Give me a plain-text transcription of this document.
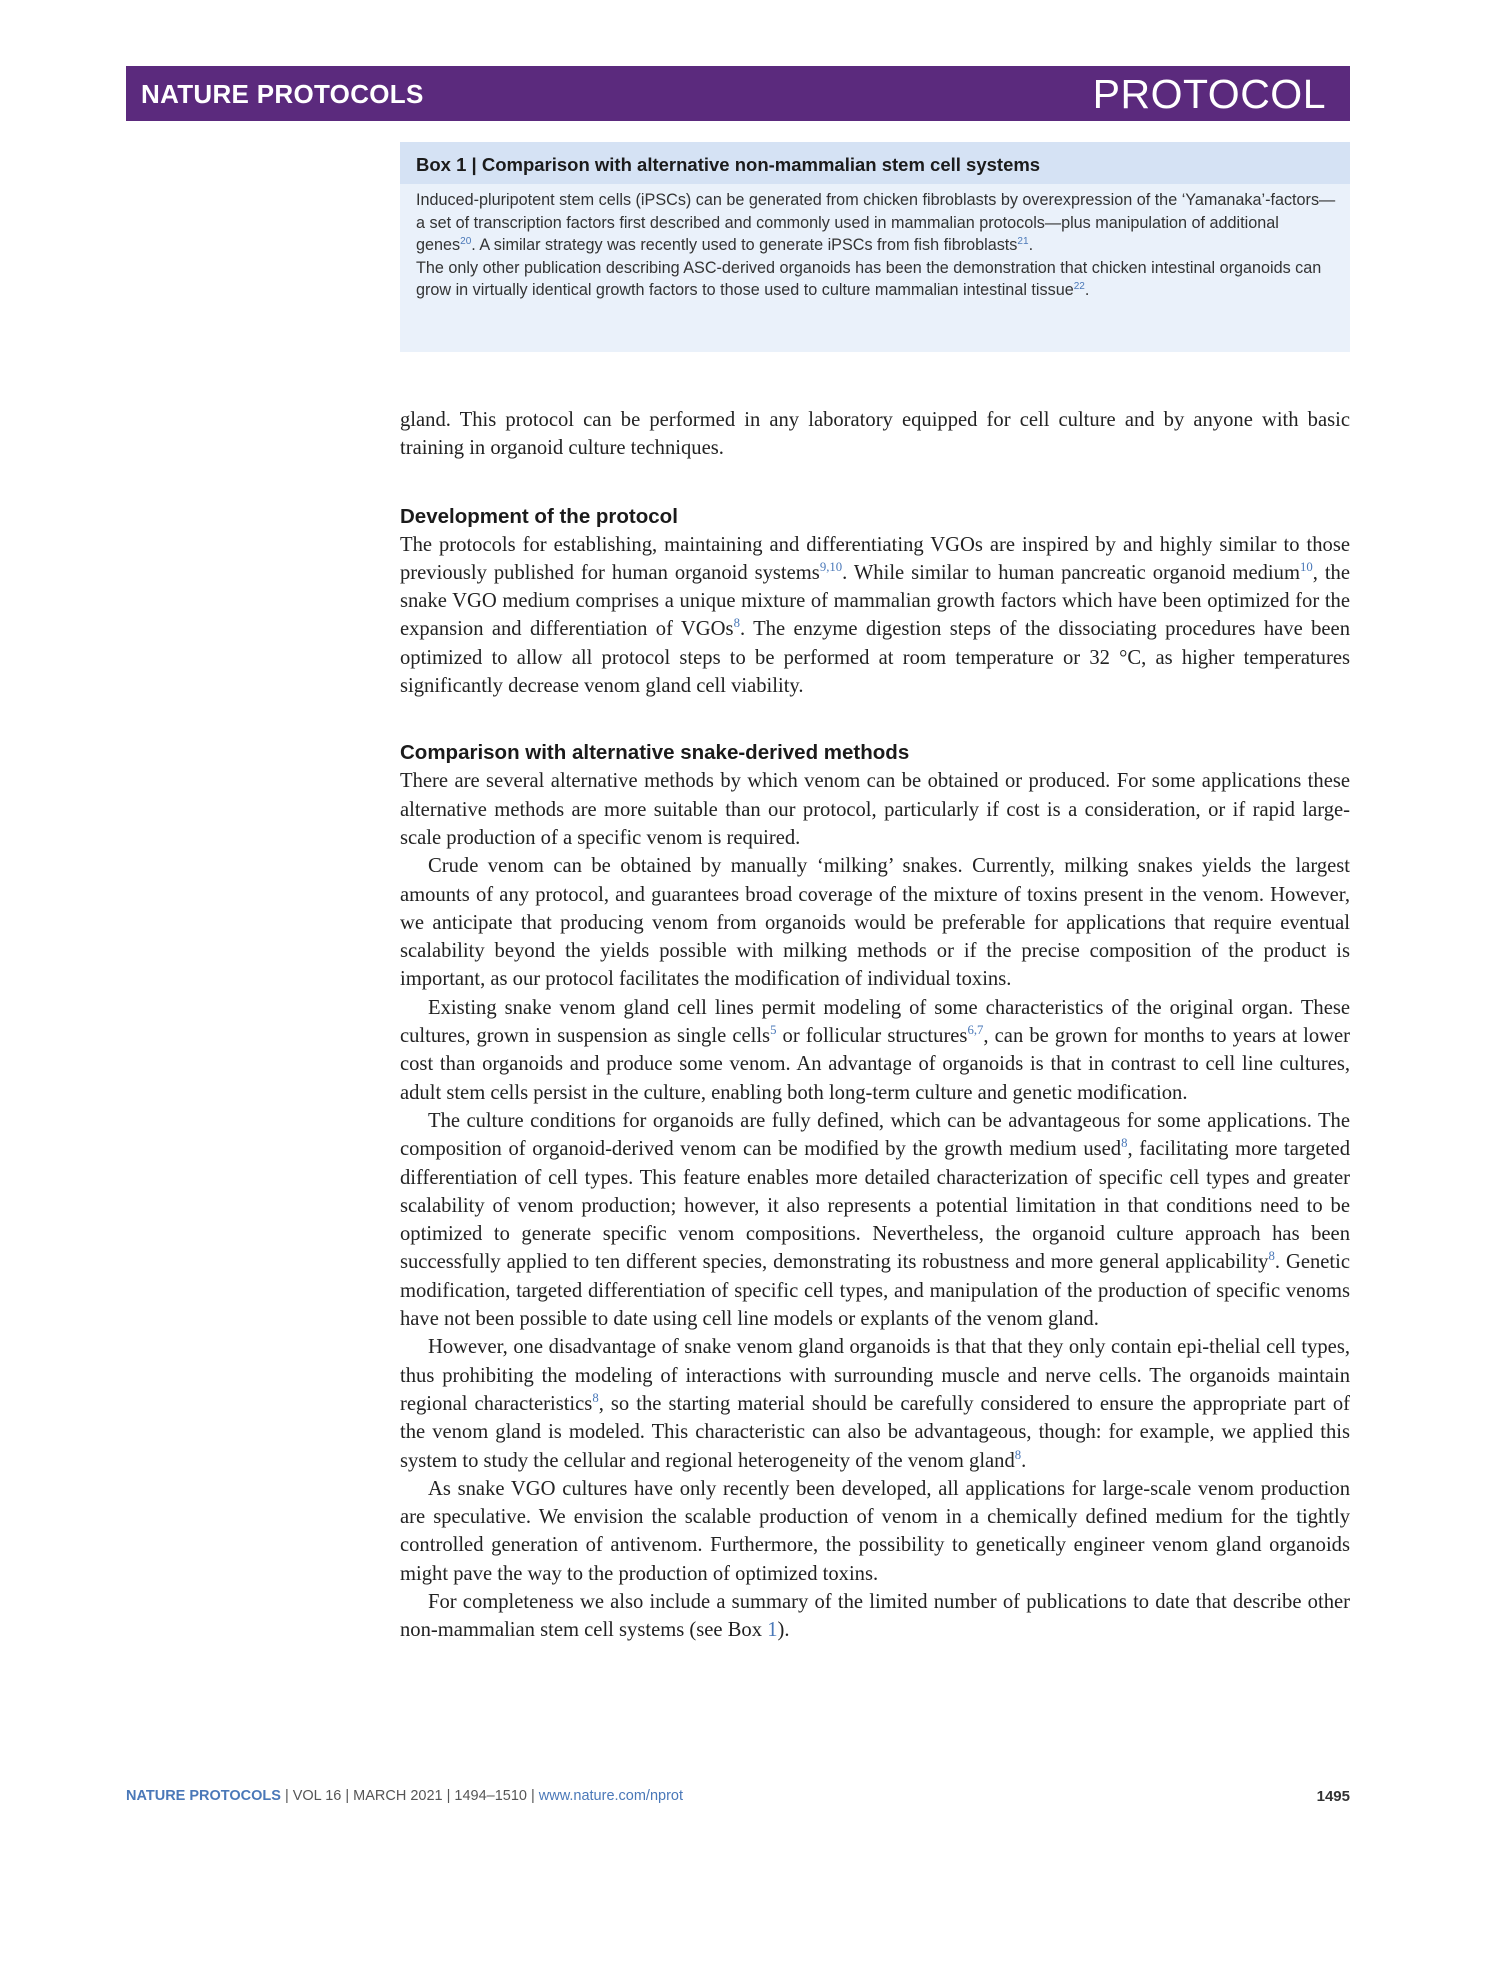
NATURE PROTOCOLS	PROTOCOL
Box 1 | Comparison with alternative non-mammalian stem cell systems

Induced-pluripotent stem cells (iPSCs) can be generated from chicken fibroblasts by overexpression of the ‘Yamanaka’-factors—a set of transcription factors first described and commonly used in mammalian protocols—plus manipulation of additional genes$^{20}$. A similar strategy was recently used to generate iPSCs from fish fibroblasts$^{21}$.

The only other publication describing ASC-derived organoids has been the demonstration that chicken intestinal organoids can grow in virtually identical growth factors to those used to culture mammalian intestinal tissue$^{22}$.

gland. This protocol can be performed in any laboratory equipped for cell culture and by anyone with basic training in organoid culture techniques.

Development of the protocol

The protocols for establishing, maintaining and differentiating VGOs are inspired by and highly similar to those previously published for human organoid systems$^{9,10}$. While similar to human pancreatic organoid medium$^{10}$, the snake VGO medium comprises a unique mixture of mammalian growth factors which have been optimized for the expansion and differentiation of VGOs$^8$. The enzyme digestion steps of the dissociating procedures have been optimized to allow all protocol steps to be performed at room temperature or 32 °C, as higher temperatures significantly decrease venom gland cell viability.

Comparison with alternative snake-derived methods

There are several alternative methods by which venom can be obtained or produced. For some applications these alternative methods are more suitable than our protocol, particularly if cost is a consideration, or if rapid large-scale production of a specific venom is required.

Crude venom can be obtained by manually ‘milking’ snakes. Currently, milking snakes yields the largest amounts of any protocol, and guarantees broad coverage of the mixture of toxins present in the venom. However, we anticipate that producing venom from organoids would be preferable for applications that require eventual scalability beyond the yields possible with milking methods or if the precise composition of the product is important, as our protocol facilitates the modification of individual toxins.

Existing snake venom gland cell lines permit modeling of some characteristics of the original organ. These cultures, grown in suspension as single cells$^5$ or follicular structures$^{6,7}$, can be grown for months to years at lower cost than organoids and produce some venom. An advantage of organoids is that in contrast to cell line cultures, adult stem cells persist in the culture, enabling both long-term culture and genetic modification.

The culture conditions for organoids are fully defined, which can be advantageous for some applications. The composition of organoid-derived venom can be modified by the growth medium used$^8$, facilitating more targeted differentiation of cell types. This feature enables more detailed characterization of specific cell types and greater scalability of venom production; however, it also represents a potential limitation in that conditions need to be optimized to generate specific venom compositions. Nevertheless, the organoid culture approach has been successfully applied to ten different species, demonstrating its robustness and more general applicability$^8$. Genetic modification, targeted differentiation of specific cell types, and manipulation of the production of specific venoms have not been possible to date using cell line models or explants of the venom gland.

However, one disadvantage of snake venom gland organoids is that that they only contain epi-thelial cell types, thus prohibiting the modeling of interactions with surrounding muscle and nerve cells. The organoids maintain regional characteristics$^8$, so the starting material should be carefully considered to ensure the appropriate part of the venom gland is modeled. This characteristic can also be advantageous, though: for example, we applied this system to study the cellular and regional heterogeneity of the venom gland$^8$.

As snake VGO cultures have only recently been developed, all applications for large-scale venom production are speculative. We envision the scalable production of venom in a chemically defined medium for the tightly controlled generation of antivenom. Furthermore, the possibility to genetically engineer venom gland organoids might pave the way to the production of optimized toxins.

For completeness we also include a summary of the limited number of publications to date that describe other non-mammalian stem cell systems (see Box 1).

NATURE PROTOCOLS | VOL 16 | MARCH 2021 | 1494–1510 | www.nature.com/nprot	1495
